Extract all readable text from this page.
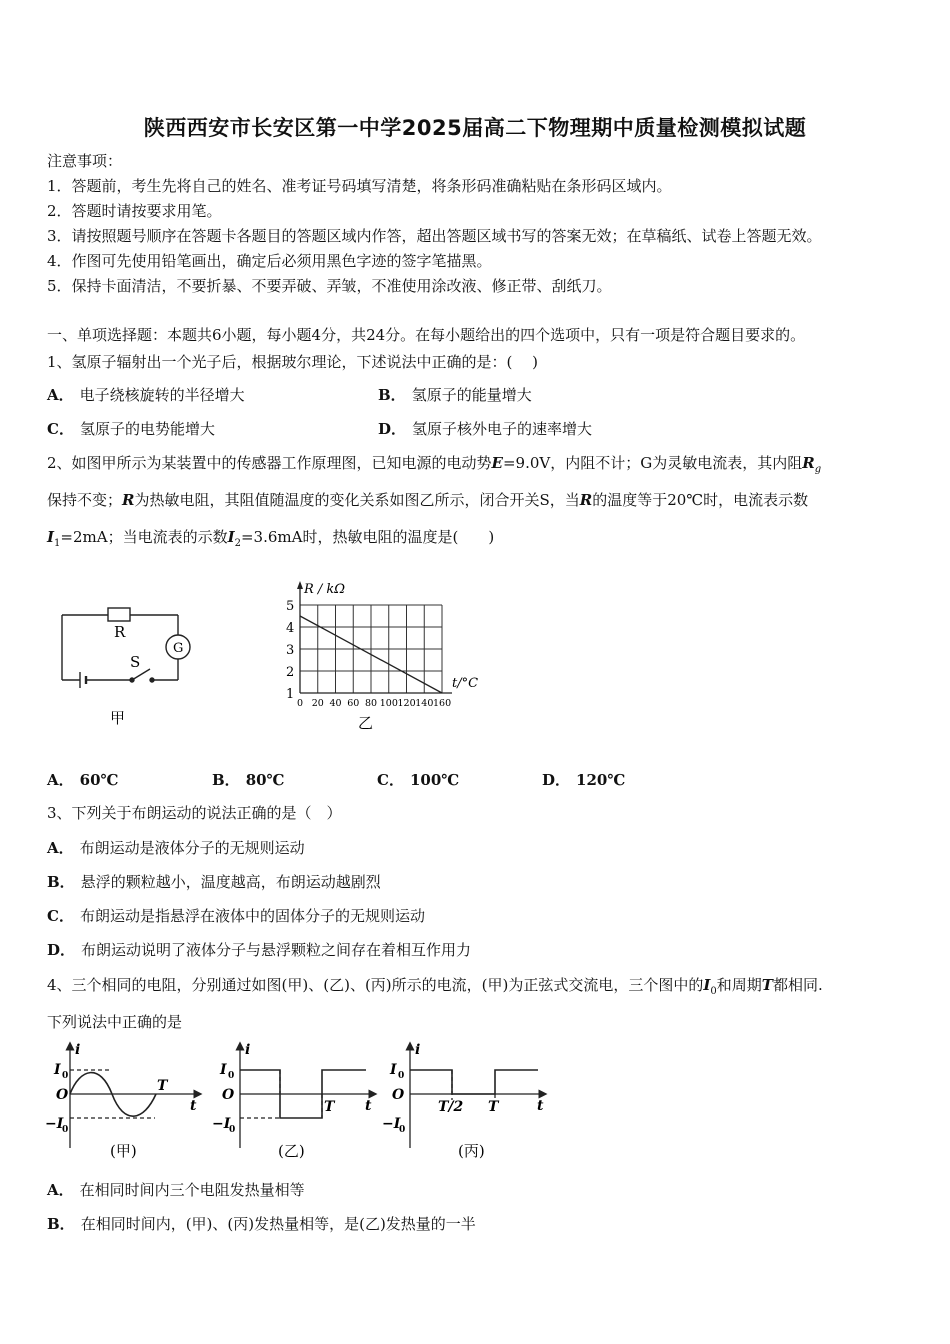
陕西西安市长安区第一中学2025届高二下物理期中质量检测模拟试题
注意事项：
1．答题前，考生先将自己的姓名、准考证号码填写清楚，将条形码准确粘贴在条形码区域内。
2．答题时请按要求用笔。
3．请按照题号顺序在答题卡各题目的答题区域内作答，超出答题区域书写的答案无效；在草稿纸、试卷上答题无效。
4．作图可先使用铅笔画出，确定后必须用黑色字迹的签字笔描黑。
5．保持卡面清洁，不要折暴、不要弄破、弄皱，不准使用涂改液、修正带、刮纸刀。
一、单项选择题：本题共6小题，每小题4分，共24分。在每小题给出的四个选项中，只有一项是符合题目要求的。
1、氢原子辐射出一个光子后，根据玻尔理论，下述说法中正确的是：(　 )
A． 电子绕核旋转的半径增大	B． 氢原子的能量增大
C． 氢原子的电势能增大	D． 氢原子核外电子的速率增大
2、如图甲所示为某装置中的传感器工作原理图，已知电源的电动势E=9.0V，内阻不计；G为灵敏电流表，其内阻$R_g$
保持不变；R为热敏电阻，其阻值随温度的变化关系如图乙所示，闭合开关S，当R的温度等于20℃时，电流表示数
$I_1=2mA$；当电流表的示数$I_2=3.6mA$时，热敏电阻的温度是(　　)
R
G
S
甲
5
4
3
2
1
0 20 40 60 80 100 120 140 160
R / kΩ
t/°C
乙
A． 60℃	B． 80℃	C． 100℃	D． 120℃
3、下列关于布朗运动的说法正确的是（　）
A． 布朗运动是液体分子的无规则运动
B． 悬浮的颗粒越小，温度越高，布朗运动越剧烈
C． 布朗运动是指悬浮在液体中的固体分子的无规则运动
D． 布朗运动说明了液体分子与悬浮颗粒之间存在着相互作用力
4、三个相同的电阻，分别通过如图(甲)、(乙)、(丙)所示的电流，(甲)为正弦式交流电，三个图中的$I_0$和周期T都相同.
下列说法中正确的是
i
I 0
O
−I
0
T
t
(甲)
i
I 0
O
−I
0
T t
(乙)
i
I 0
O
−I
0
T/2 T	t
(丙)
A． 在相同时间内三个电阻发热量相等
B． 在相同时间内，(甲)、(丙)发热量相等，是(乙)发热量的一半
